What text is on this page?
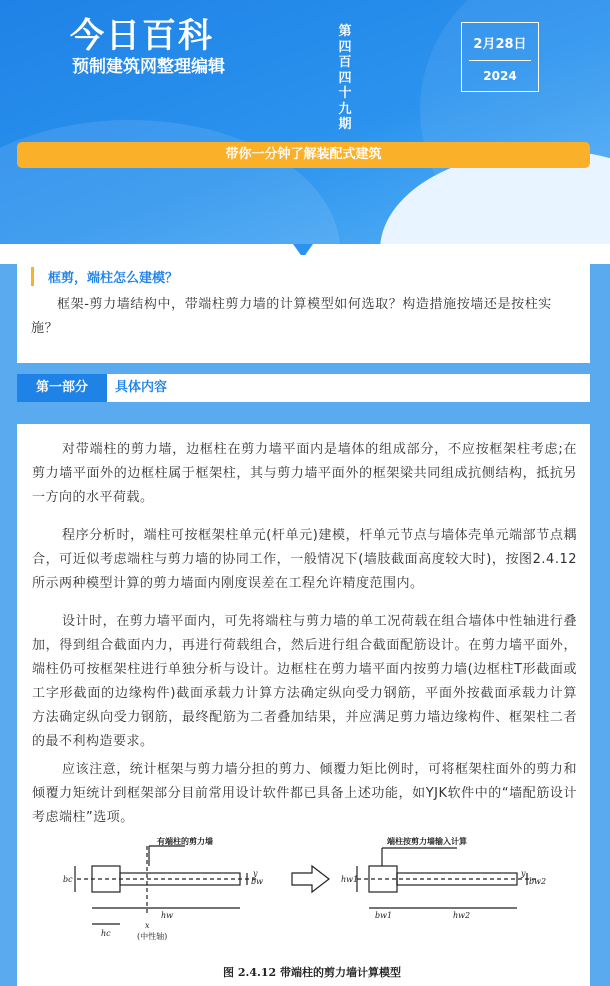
今日百科
预制建筑网整理编辑
第
四
百
四
十
九
期
2月28日
2024
带你一分钟了解装配式建筑
框剪，端柱怎么建模？
框架-剪力墙结构中，带端柱剪力墙的计算模型如何选取？构造措施按墙还是按柱实施？
第一部分	具体内容
对带端柱的剪力墙，边框柱在剪力墙平面内是墙体的组成部分，不应按框架柱考虑;在剪力墙平面外的边框柱属于框架柱，其与剪力墙平面外的框架梁共同组成抗侧结构，抵抗另一方向的水平荷载。
程序分析时，端柱可按框架柱单元(杆单元)建模，杆单元节点与墙体壳单元端部节点耦合，可近似考虑端柱与剪力墙的协同工作，一般情况下(墙肢截面高度较大时)，按图2.4.12所示两种模型计算的剪力墙面内刚度误差在工程允许精度范围内。
设计时，在剪力墙平面内，可先将端柱与剪力墙的单工况荷载在组合墙体中性轴进行叠加，得到组合截面内力，再进行荷载组合，然后进行组合截面配筋设计。在剪力墙平面外，端柱仍可按框架柱进行单独分析与设计。边框柱在剪力墙平面内按剪力墙(边框柱T形截面或工字形截面的边缘构件)截面承载力计算方法确定纵向受力钢筋，平面外按截面承载力计算方法确定纵向受力钢筋，最终配筋为二者叠加结果，并应满足剪力墙边缘构件、框架柱二者的最不利构造要求。
应该注意，统计框架与剪力墙分担的剪力、倾覆力矩比例时，可将框架柱面外的剪力和倾覆力矩统计到框架部分目前常用设计软件都已具备上述功能，如YJK软件中的“墙配筋设计考虑端柱”选项。
有端柱的剪力墙
x
(中性轴)
y
bc	bw
hw
hc
端柱按剪力墙输入计算
y
hw1	bw2
bw1	hw2
图 2.4.12 带端柱的剪力墙计算模型
